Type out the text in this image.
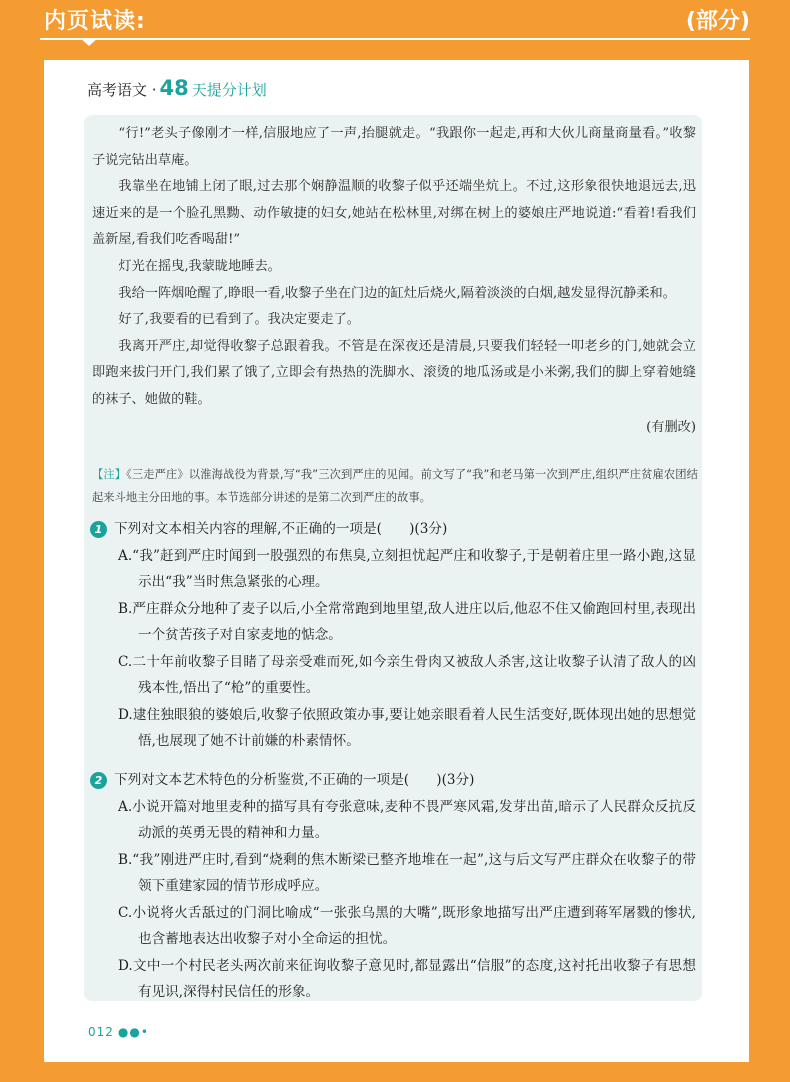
内页试读:	(部分)
高考语文 · 48 天提分计划

“行!”老头子像刚才一样,信服地应了一声,抬腿就走。“我跟你一起走,再和大伙儿商量商量看。”收黎子说完钻出草庵。

我靠坐在地铺上闭了眼,过去那个娴静温顺的收黎子似乎还端坐炕上。不过,这形象很快地退远去,迅速近来的是一个脸孔黑黝、动作敏捷的妇女,她站在松林里,对绑在树上的婆娘庄严地说道:“看着!看我们盖新屋,看我们吃香喝甜!”

灯光在摇曳,我蒙眬地睡去。

我给一阵烟呛醒了,睁眼一看,收黎子坐在门边的缸灶后烧火,隔着淡淡的白烟,越发显得沉静柔和。

好了,我要看的已看到了。我决定要走了。

我离开严庄,却觉得收黎子总跟着我。不管是在深夜还是清晨,只要我们轻轻一叩老乡的门,她就会立即跑来拔闩开门,我们累了饿了,立即会有热热的洗脚水、滚烫的地瓜汤或是小米粥,我们的脚上穿着她缝的袜子、她做的鞋。

(有删改)

【注】《三走严庄》以淮海战役为背景,写“我”三次到严庄的见闻。前文写了“我”和老马第一次到严庄,组织严庄贫雇农团结起来斗地主分田地的事。本节选部分讲述的是第二次到严庄的故事。
1 下列对文本相关内容的理解,不正确的一项是(　　)(3分)
A.“我”赶到严庄时闻到一股强烈的布焦臭,立刻担忧起严庄和收黎子,于是朝着庄里一路小跑,这显示出“我”当时焦急紧张的心理。
B.严庄群众分地种了麦子以后,小全常常跑到地里望,敌人进庄以后,他忍不住又偷跑回村里,表现出一个贫苦孩子对自家麦地的惦念。
C.二十年前收黎子目睹了母亲受难而死,如今亲生骨肉又被敌人杀害,这让收黎子认清了敌人的凶残本性,悟出了“枪”的重要性。
D.逮住独眼狼的婆娘后,收黎子依照政策办事,要让她亲眼看着人民生活变好,既体现出她的思想觉悟,也展现了她不计前嫌的朴素情怀。
2 下列对文本艺术特色的分析鉴赏,不正确的一项是(　　)(3分)
A.小说开篇对地里麦种的描写具有夸张意味,麦种不畏严寒风霜,发芽出苗,暗示了人民群众反抗反动派的英勇无畏的精神和力量。
B.“我”刚进严庄时,看到“烧剩的焦木断梁已整齐地堆在一起”,这与后文写严庄群众在收黎子的带领下重建家园的情节形成呼应。
C.小说将火舌舐过的门洞比喻成“一张张乌黑的大嘴”,既形象地描写出严庄遭到蒋军屠戮的惨状,也含蓄地表达出收黎子对小全命运的担忧。
D.文中一个村民老头两次前来征询收黎子意见时,都显露出“信服”的态度,这衬托出收黎子有思想有见识,深得村民信任的形象。
012 ●●•
